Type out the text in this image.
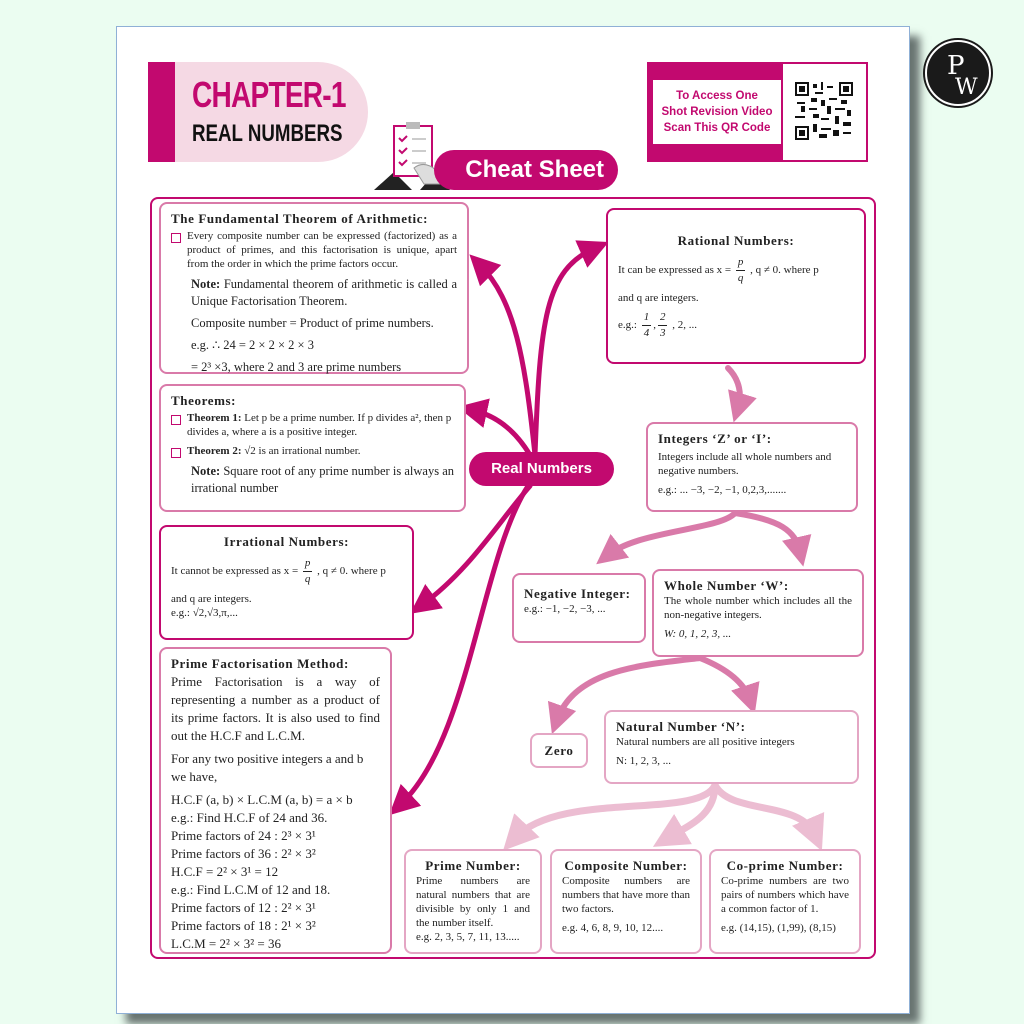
CHAPTER-1
REAL NUMBERS
Cheat Sheet
To Access One
Shot Revision Video
Scan This QR Code
P
W
Real Numbers
The Fundamental Theorem of Arithmetic:
Every composite number can be expressed (factorized) as a product of primes, and this factorisation is unique, apart from the order in which the prime factors occur.
Note: Fundamental theorem of arithmetic is called a Unique Factorisation Theorem.
Composite number = Product of prime numbers.
e.g. ∴ 24 = 2 × 2 × 2 × 3
= 2³ ×3, where 2 and 3 are prime numbers
Theorems:
Theorem 1: Let p be a prime number. If p divides a², then p divides a, where a is a positive integer.
Theorem 2: √2 is an irrational number.
Note: Square root of any prime number is always an irrational number
Irrational Numbers:
It cannot be expressed as $x = \frac{p}{q}$ , q ≠ 0. where p
and q are integers.
e.g.: √2,√3,π,...
Prime Factorisation Method:
Prime Factorisation is a way of representing a number as a product of its prime factors. It is also used to find out the H.C.F and L.C.M.
For any two positive integers a and b we have,
H.C.F (a, b) × L.C.M (a, b) = a × b
e.g.: Find H.C.F of 24 and 36.
Prime factors of 24 : 2³ × 3¹
Prime factors of 36 : 2² × 3²
H.C.F = 2² × 3¹ = 12
e.g.: Find L.C.M of 12 and 18.
Prime factors of 12 : 2² × 3¹
Prime factors of 18 : 2¹ × 3²
L.C.M = 2² × 3² = 36
Rational Numbers:
It can be expressed as $x = \frac{p}{q}$ , q ≠ 0. where p
and q are integers.
e.g.: $\frac{1}{4}$ , $\frac{2}{3}$ , 2, ...
Integers ‘Z’ or ‘I’:
Integers include all whole numbers and negative numbers.
e.g.: ... −3, −2, −1, 0,2,3,.......
Negative Integer:
e.g.: −1, −2, −3, ...
Whole Number ‘W’:
The whole number which includes all the non-negative integers.
W: 0, 1, 2, 3, ...
Zero
Natural Number ‘N’:
Natural numbers are all positive integers
N: 1, 2, 3, ...
Prime Number:
Prime numbers are natural numbers that are divisible by only 1 and the number itself.
e.g. 2, 3, 5, 7, 11, 13.....
Composite Number:
Composite numbers are numbers that have more than two factors.
e.g. 4, 6, 8, 9, 10, 12....
Co-prime Number:
Co-prime numbers are two pairs of numbers which have a common factor of 1.
e.g. (14,15), (1,99), (8,15)
